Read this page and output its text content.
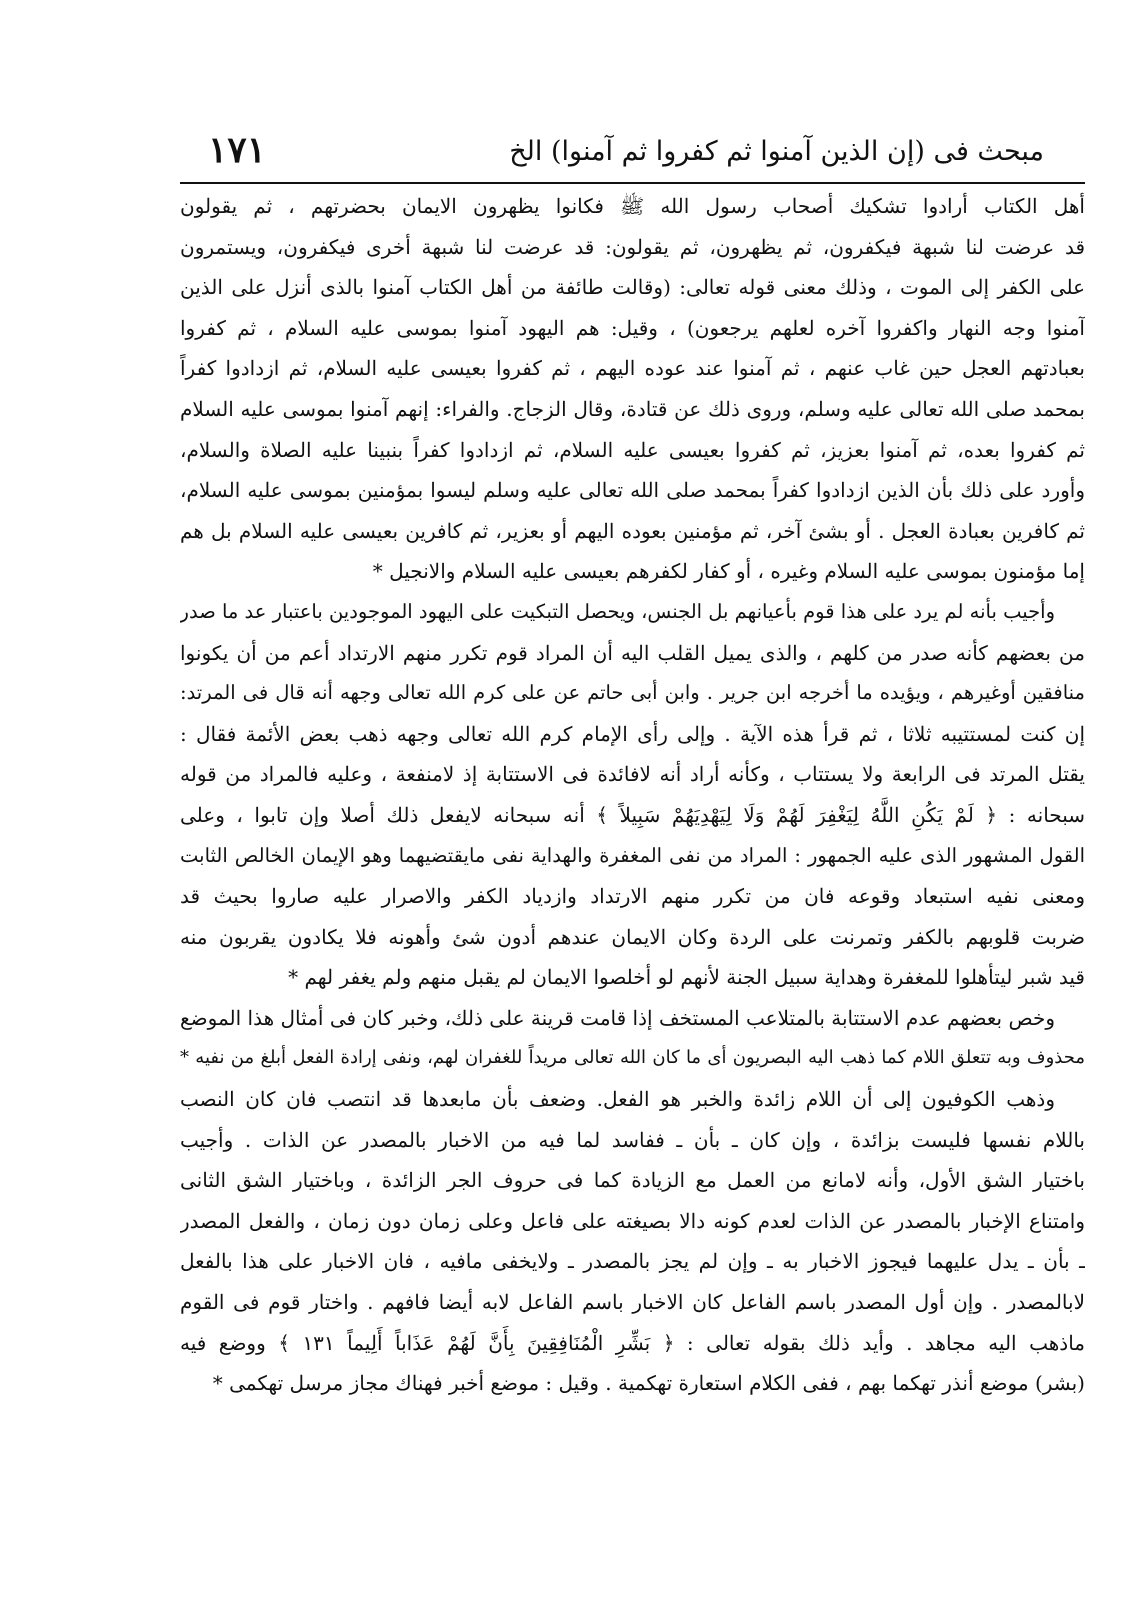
١٧١	مبحث فى (إن الذين آمنوا ثم كفروا ثم آمنوا) الخ
أهل الكتاب أرادوا تشكيك أصحاب رسول الله ﷺ فكانوا يظهرون الايمان بحضرتهم ، ثم يقولون
قد عرضت لنا شبهة فيكفرون، ثم يظهرون، ثم يقولون: قد عرضت لنا شبهة أخرى فيكفرون، ويستمرون
على الكفر إلى الموت ، وذلك معنى قوله تعالى: (وقالت طائفة من أهل الكتاب آمنوا بالذى أنزل على الذين
آمنوا وجه النهار واكفروا آخره لعلهم يرجعون) ، وقيل: هم اليهود آمنوا بموسى عليه السلام ، ثم كفروا
بعبادتهم العجل حين غاب عنهم ، ثم آمنوا عند عوده اليهم ، ثم كفروا بعيسى عليه السلام، ثم ازدادوا كفراً
بمحمد صلى الله تعالى عليه وسلم، وروى ذلك عن قتادة، وقال الزجاج. والفراء: إنهم آمنوا بموسى عليه السلام
ثم كفروا بعده، ثم آمنوا بعزيز، ثم كفروا بعيسى عليه السلام، ثم ازدادوا كفراً بنبينا عليه الصلاة والسلام،
وأورد على ذلك بأن الذين ازدادوا كفراً بمحمد صلى الله تعالى عليه وسلم ليسوا بمؤمنين بموسى عليه السلام،
ثم كافرين بعبادة العجل . أو بشئ آخر، ثم مؤمنين بعوده اليهم أو بعزير، ثم كافرين بعيسى عليه السلام بل هم
إما مؤمنون بموسى عليه السلام وغيره ، أو كفار لكفرهم بعيسى عليه السلام والانجيل *
وأجيب بأنه لم يرد على هذا قوم بأعيانهم بل الجنس، ويحصل التبكيت على اليهود الموجودين باعتبار عد ما صدر
من بعضهم كأنه صدر من كلهم ، والذى يميل القلب اليه أن المراد قوم تكرر منهم الارتداد أعم من أن يكونوا
منافقين أوغيرهم ، ويؤيده ما أخرجه ابن جرير . وابن أبى حاتم عن على كرم الله تعالى وجهه أنه قال فى المرتد:
إن كنت لمستتيبه ثلاثا ، ثم قرأ هذه الآية . وإلى رأى الإمام كرم الله تعالى وجهه ذهب بعض الأئمة فقال :
يقتل المرتد فى الرابعة ولا يستتاب ، وكأنه أراد أنه لافائدة فى الاستتابة إذ لامنفعة ، وعليه فالمراد من قوله
سبحانه : ﴿ لَمْ يَكُنِ اللَّهُ لِيَغْفِرَ لَهُمْ وَلَا لِيَهْدِيَهُمْ سَبِيلاً ﴾ أنه سبحانه لايفعل ذلك أصلا وإن تابوا ، وعلى
القول المشهور الذى عليه الجمهور : المراد من نفى المغفرة والهداية نفى مايقتضيهما وهو الإيمان الخالص الثابت
ومعنى نفيه استبعاد وقوعه فان من تكرر منهم الارتداد وازدياد الكفر والاصرار عليه صاروا بحيث قد
ضربت قلوبهم بالكفر وتمرنت على الردة وكان الايمان عندهم أدون شئ وأهونه فلا يكادون يقربون منه
قيد شبر ليتأهلوا للمغفرة وهداية سبيل الجنة لأنهم لو أخلصوا الايمان لم يقبل منهم ولم يغفر لهم *
وخص بعضهم عدم الاستتابة بالمتلاعب المستخف إذا قامت قرينة على ذلك، وخبر كان فى أمثال هذا الموضع
محذوف وبه تتعلق اللام كما ذهب اليه البصريون أى ما كان الله تعالى مريداً للغفران لهم، ونفى إرادة الفعل أبلغ من نفيه *
وذهب الكوفيون إلى أن اللام زائدة والخبر هو الفعل. وضعف بأن مابعدها قد انتصب فان كان النصب
باللام نفسها فليست بزائدة ، وإن كان ـ بأن ـ ففاسد لما فيه من الاخبار بالمصدر عن الذات . وأجيب
باختيار الشق الأول، وأنه لامانع من العمل مع الزيادة كما فى حروف الجر الزائدة ، وباختيار الشق الثانى
وامتناع الإخبار بالمصدر عن الذات لعدم كونه دالا بصيغته على فاعل وعلى زمان دون زمان ، والفعل المصدر
ـ بأن ـ يدل عليهما فيجوز الاخبار به ـ وإن لم يجز بالمصدر ـ ولايخفى مافيه ، فان الاخبار على هذا بالفعل
لابالمصدر . وإن أول المصدر باسم الفاعل كان الاخبار باسم الفاعل لابه أيضا فافهم . واختار قوم فى القوم
ماذهب اليه مجاهد . وأيد ذلك بقوله تعالى : ﴿ بَشِّرِ الْمُنَافِقِينَ بِأَنَّ لَهُمْ عَذَاباً أَلِيماً ١٣١ ﴾ ووضع فيه
(بشر) موضع أنذر تهكما بهم ، ففى الكلام استعارة تهكمية . وقيل : موضع أخبر فهناك مجاز مرسل تهكمى *
